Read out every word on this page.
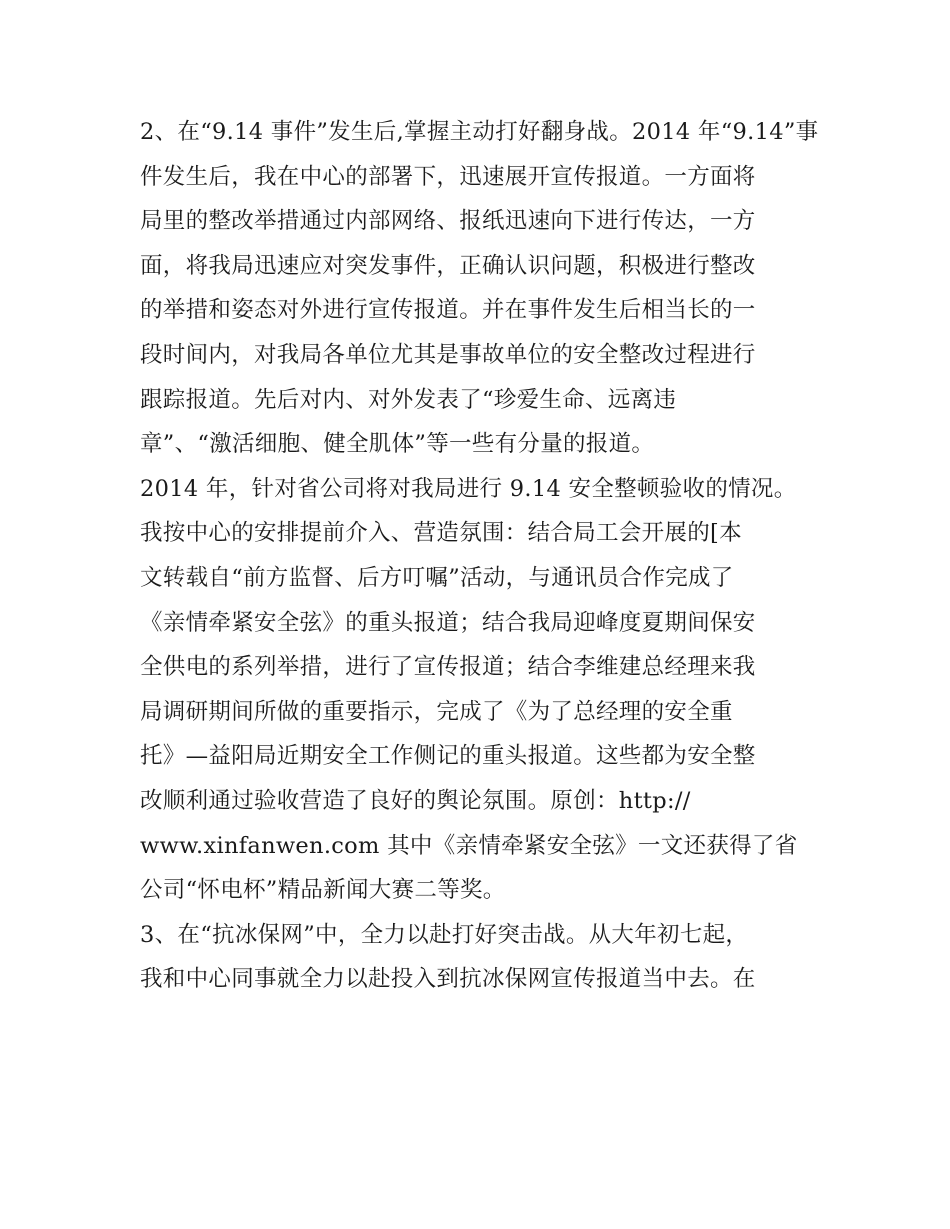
2、在“9.14 事件”发生后,掌握主动打好翻身战。2014 年“9.14”事
件发生后，我在中心的部署下，迅速展开宣传报道。一方面将
局里的整改举措通过内部网络、报纸迅速向下进行传达，一方
面，将我局迅速应对突发事件，正确认识问题，积极进行整改
的举措和姿态对外进行宣传报道。并在事件发生后相当长的一
段时间内，对我局各单位尤其是事故单位的安全整改过程进行
跟踪报道。先后对内、对外发表了“珍爱生命、远离违
章”、“激活细胞、健全肌体”等一些有分量的报道。
2014 年，针对省公司将对我局进行 9.14 安全整顿验收的情况。
我按中心的安排提前介入、营造氛围：结合局工会开展的[本
文转载自“前方监督、后方叮嘱”活动，与通讯员合作完成了
《亲情牵紧安全弦》的重头报道；结合我局迎峰度夏期间保安
全供电的系列举措，进行了宣传报道；结合李维建总经理来我
局调研期间所做的重要指示，完成了《为了总经理的安全重
托》—益阳局近期安全工作侧记的重头报道。这些都为安全整
改顺利通过验收营造了良好的舆论氛围。原创：http://
www.xinfanwen.com 其中《亲情牵紧安全弦》一文还获得了省
公司“怀电杯”精品新闻大赛二等奖。
3、在“抗冰保网”中，全力以赴打好突击战。从大年初七起，
我和中心同事就全力以赴投入到抗冰保网宣传报道当中去。在
